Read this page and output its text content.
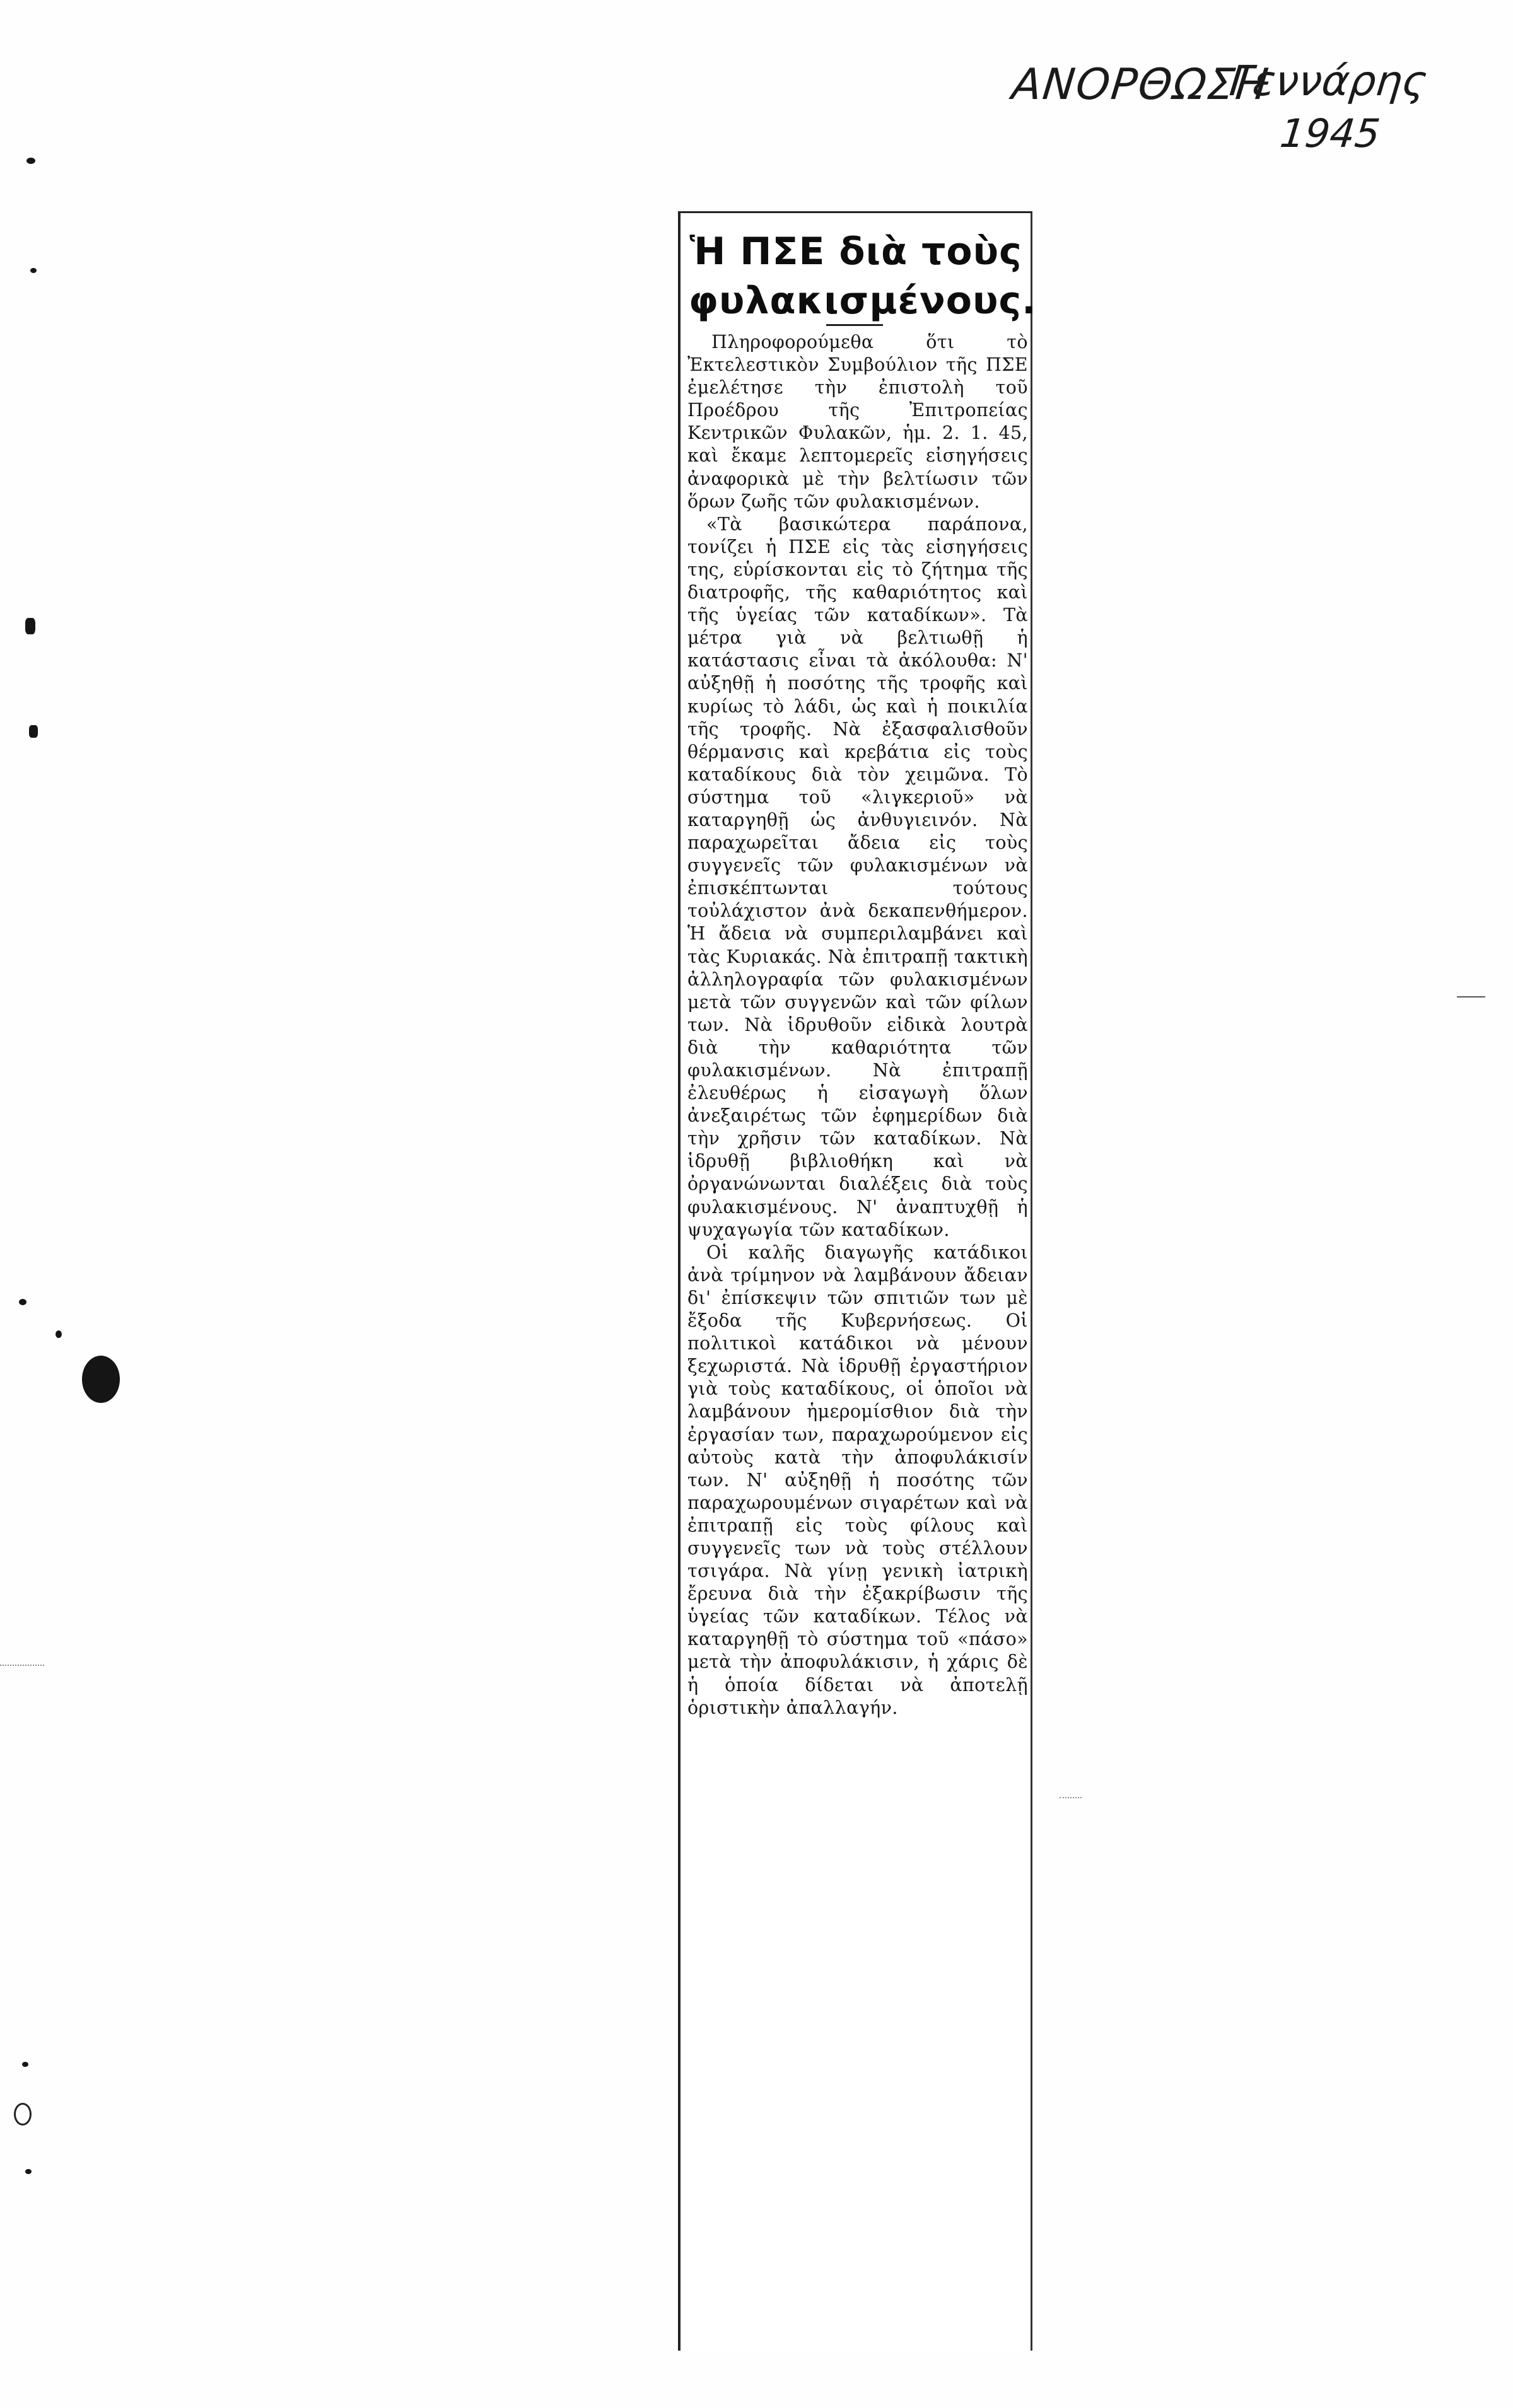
ΑΝΟΡΘΩΣΗ
Γεννάρης
1945
Ἡ ΠΣΕ διὰ τοὺς
φυλακισμένους.

Πληροφορούμεθα ὅτι τὸ Ἐκτελεστικὸν Συμβούλιον τῆς ΠΣΕ ἐμελέτησε τὴν ἐπιστολὴ τοῦ Προέδρου τῆς Ἐπιτροπείας Κεντρικῶν Φυλακῶν, ἡμ. 2. 1. 45, καὶ ἔκαμε λεπτομερεῖς εἰσηγήσεις ἀναφορικὰ μὲ τὴν βελτίωσιν τῶν ὅρων ζωῆς τῶν φυλακισμένων.

«Τὰ βασικώτερα παράπονα, τονίζει ἡ ΠΣΕ εἰς τὰς εἰσηγήσεις της, εὑρίσκονται εἰς τὸ ζήτημα τῆς διατροφῆς, τῆς καθαριότητος καὶ τῆς ὑγείας τῶν καταδίκων». Τὰ μέτρα γιὰ νὰ βελτιωθῇ ἡ κατάστασις εἶναι τὰ ἀκόλουθα: Ν' αὐξηθῇ ἡ ποσότης τῆς τροφῆς καὶ κυρίως τὸ λάδι, ὡς καὶ ἡ ποικιλία τῆς τροφῆς. Νὰ ἐξασφαλισθοῦν θέρμανσις καὶ κρεβάτια εἰς τοὺς καταδίκους διὰ τὸν χειμῶνα. Τὸ σύστημα τοῦ «λιγκεριοῦ» νὰ καταργηθῇ ὡς ἀνθυγιεινόν. Νὰ παραχωρεῖται ἄδεια εἰς τοὺς συγγενεῖς τῶν φυλακισμένων νὰ ἐπισκέπτωνται τούτους τοὐλάχιστον ἀνὰ δεκαπενθήμερον. Ἡ ἄδεια νὰ συμπεριλαμβάνει καὶ τὰς Κυριακάς. Νὰ ἐπιτραπῇ τακτικὴ ἀλληλογραφία τῶν φυλακισμένων μετὰ τῶν συγγενῶν καὶ τῶν φίλων των. Νὰ ἱδρυθοῦν εἰδικὰ λουτρὰ διὰ τὴν καθαριότητα τῶν φυλακισμένων. Νὰ ἐπιτραπῇ ἐλευθέρως ἡ εἰσαγωγὴ ὅλων ἀνεξαιρέτως τῶν ἐφημερίδων διὰ τὴν χρῆσιν τῶν καταδίκων. Νὰ ἱδρυθῇ βιβλιοθήκη καὶ νὰ ὀργανώνωνται διαλέξεις διὰ τοὺς φυλακισμένους. Ν' ἀναπτυχθῇ ἡ ψυχαγωγία τῶν καταδίκων.

Οἱ καλῆς διαγωγῆς κατάδικοι ἀνὰ τρίμηνον νὰ λαμβάνουν ἄδειαν δι' ἐπίσκεψιν τῶν σπιτιῶν των μὲ ἔξοδα τῆς Κυβερνήσεως. Οἱ πολιτικοὶ κατάδικοι νὰ μένουν ξεχωριστά. Νὰ ἱδρυθῇ ἐργαστήριον γιὰ τοὺς καταδίκους, οἱ ὁποῖοι νὰ λαμβάνουν ἡμερομίσθιον διὰ τὴν ἐργασίαν των, παραχωρούμενον εἰς αὐτοὺς κατὰ τὴν ἀποφυλάκισίν των. Ν' αὐξηθῇ ἡ ποσότης τῶν παραχωρουμένων σιγαρέτων καὶ νὰ ἐπιτραπῇ εἰς τοὺς φίλους καὶ συγγενεῖς των νὰ τοὺς στέλλουν τσιγάρα. Νὰ γίνῃ γενικὴ ἰατρικὴ ἔρευνα διὰ τὴν ἐξακρίβωσιν τῆς ὑγείας τῶν καταδίκων. Τέλος νὰ καταργηθῇ τὸ σύστημα τοῦ «πάσο» μετὰ τὴν ἀποφυλάκισιν, ἡ χάρις δὲ ἡ ὁποία δίδεται νὰ ἀποτελῇ ὁριστικὴν ἀπαλλαγήν.
